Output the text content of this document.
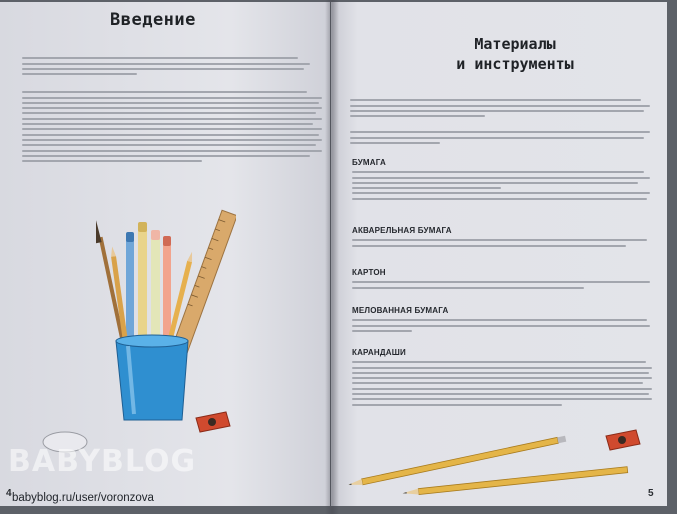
Введение
Материалы
и инструменты
БУМАГА
АКВАРЕЛЬНАЯ БУМАГА
КАРТОН
МЕЛОВАННАЯ БУМАГА
КАРАНДАШИ
4	5
BABYBLOG
babyblog.ru/user/voronzova
